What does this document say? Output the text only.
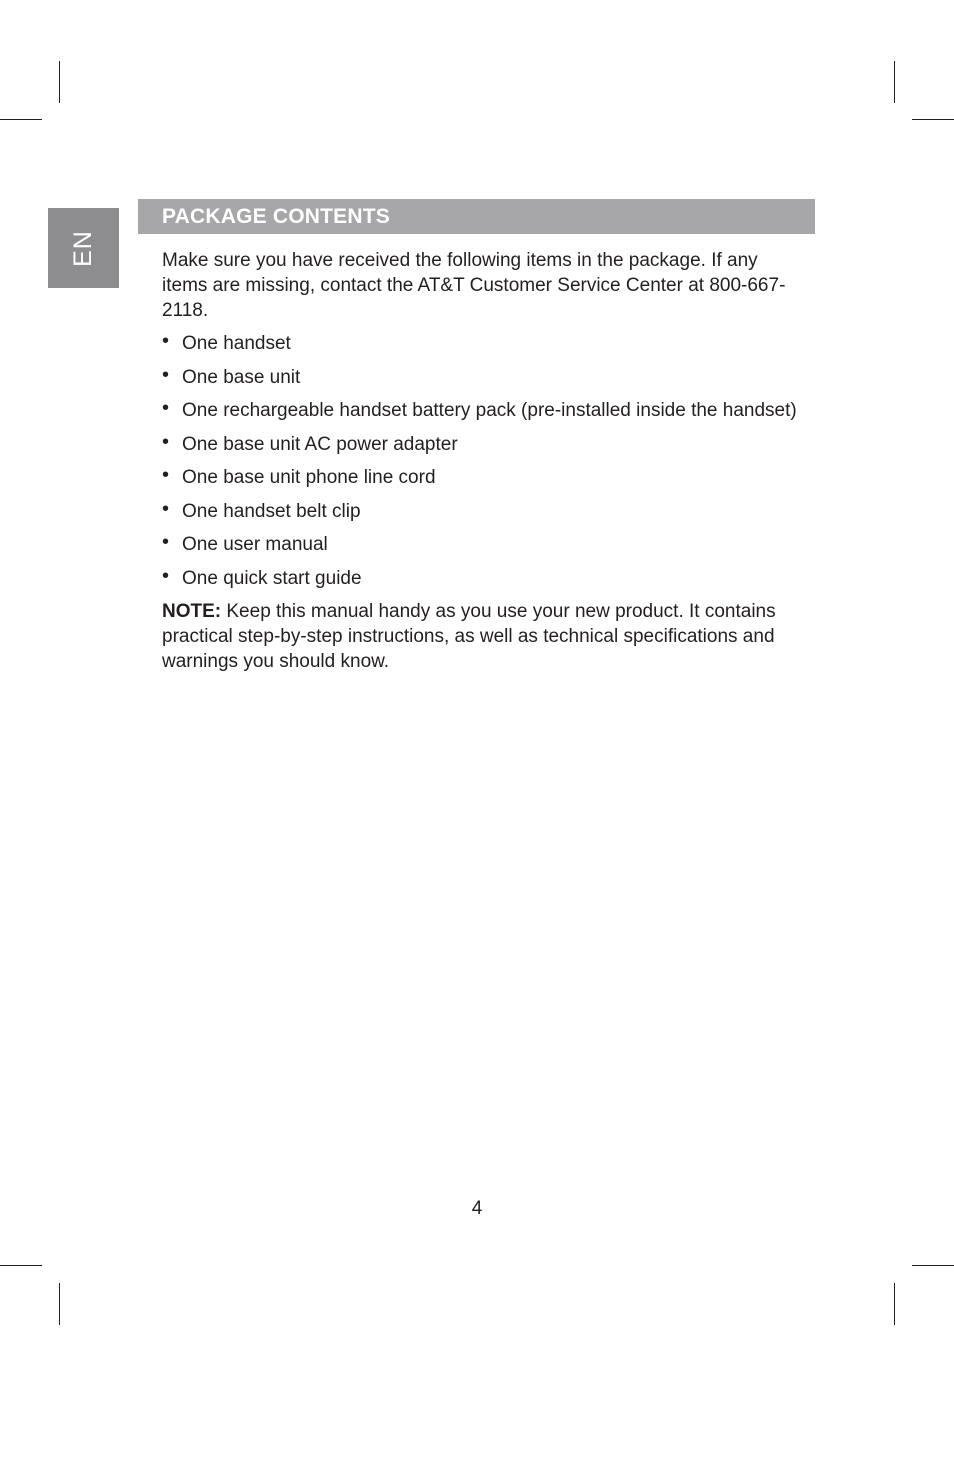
EN
PACKAGE CONTENTS

Make sure you have received the following items in the package. If any items are missing, contact the AT&T Customer Service Center at 800-667-2118.

• One handset
• One base unit
• One rechargeable handset battery pack (pre-installed inside the handset)
• One base unit AC power adapter
• One base unit phone line cord
• One handset belt clip
• One user manual
• One quick start guide

NOTE: Keep this manual handy as you use your new product. It contains practical step-by-step instructions, as well as technical specifications and warnings you should know.

4
